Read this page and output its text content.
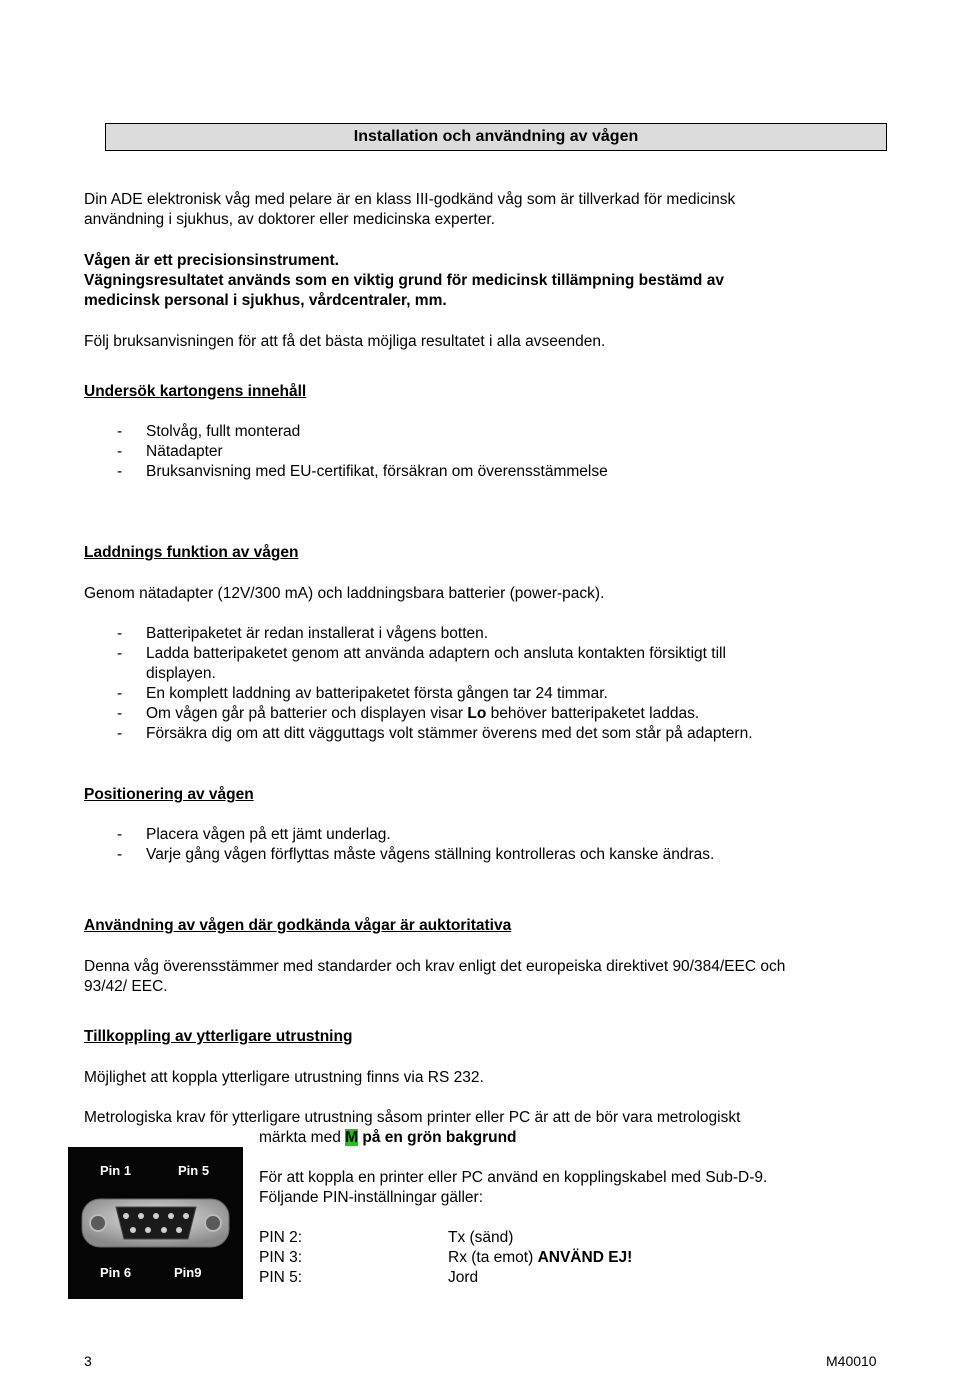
Installation och användning av vågen
Din ADE elektronisk våg med pelare är en klass III-godkänd våg som är tillverkad för medicinsk
användning i sjukhus, av doktorer eller medicinska experter.
Vågen är ett precisionsinstrument.
Vägningsresultatet används som en viktig grund för medicinsk tillämpning bestämd av
medicinsk personal i sjukhus, vårdcentraler, mm.
Följ bruksanvisningen för att få det bästa möjliga resultatet i alla avseenden.
Undersök kartongens innehåll
- Stolvåg, fullt monterad
- Nätadapter
- Bruksanvisning med EU-certifikat, försäkran om överensstämmelse
Laddnings funktion av vågen
Genom nätadapter (12V/300 mA) och laddningsbara batterier (power-pack).
- Batteripaketet är redan installerat i vågens botten.
- Ladda batteripaketet genom att använda adaptern och ansluta kontakten försiktigt till
displayen.
- En komplett laddning av batteripaketet första gången tar 24 timmar.
- Om vågen går på batterier och displayen visar Lo behöver batteripaketet laddas.
- Försäkra dig om att ditt vägguttags volt stämmer överens med det som står på adaptern.
Positionering av vågen
- Placera vågen på ett jämt underlag.
- Varje gång vågen förflyttas måste vågens ställning kontrolleras och kanske ändras.
Användning av vågen där godkända vågar är auktoritativa
Denna våg överensstämmer med standarder och krav enligt det europeiska direktivet 90/384/EEC och
93/42/ EEC.
Tillkoppling av ytterligare utrustning
Möjlighet att koppla ytterligare utrustning finns via RS 232.
Metrologiska krav för ytterligare utrustning såsom printer eller PC är att de bör vara metrologiskt
märkta med M på en grön bakgrund
Pin 1	Pin 5
Pin 6	Pin9
För att koppla en printer eller PC använd en kopplingskabel med Sub-D-9.
Följande PIN-inställningar gäller:
PIN 2:	Tx (sänd)
PIN 3:	Rx (ta emot) ANVÄND EJ!
PIN 5:	Jord
3	M40010
